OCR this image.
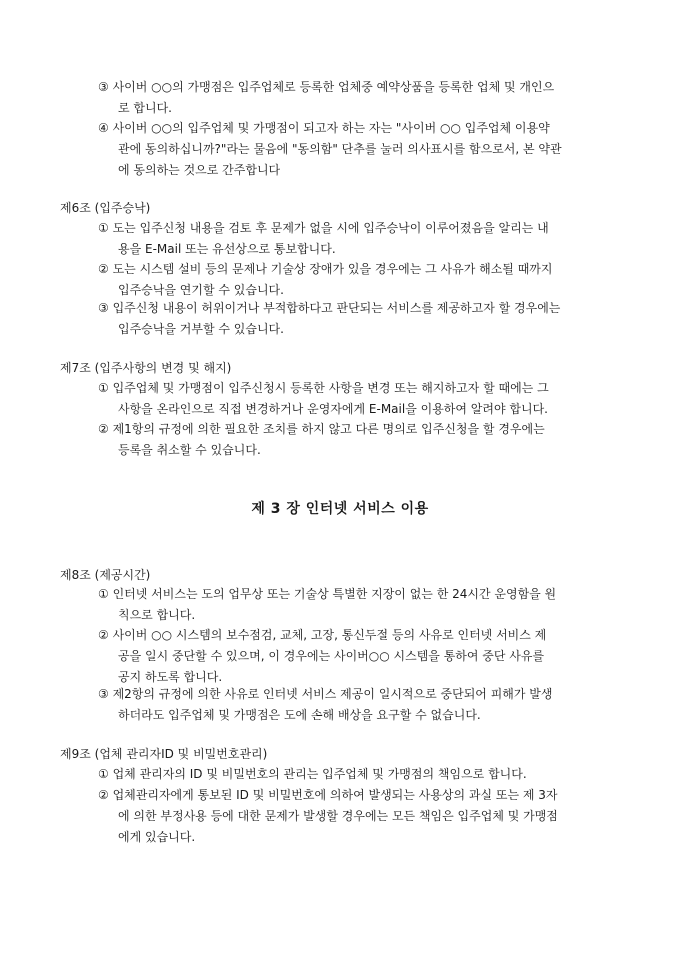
③ 사이버 ○○의 가맹점은 입주업체로 등록한 업체중 예약상품을 등록한 업체 및 개인으
로 합니다.
④ 사이버 ○○의 입주업체 및 가맹점이 되고자 하는 자는 "사이버 ○○ 입주업체 이용약
관에 동의하십니까?"라는 물음에 "동의함" 단추를 눌러 의사표시를 함으로서, 본 약관
에 동의하는 것으로 간주합니다
제6조 (입주승낙)
① 도는 입주신청 내용을 검토 후 문제가 없을 시에 입주승낙이 이루어졌음을 알리는 내
용을 E-Mail 또는 유선상으로 통보합니다.
② 도는 시스템 설비 등의 문제나 기술상 장애가 있을 경우에는 그 사유가 해소될 때까지
입주승낙을 연기할 수 있습니다.
③ 입주신청 내용이 허위이거나 부적합하다고 판단되는 서비스를 제공하고자 할 경우에는
입주승낙을 거부할 수 있습니다.
제7조 (입주사항의 변경 및 해지)
① 입주업체 및 가맹점이 입주신청시 등록한 사항을 변경 또는 해지하고자 할 때에는 그
사항을 온라인으로 직접 변경하거나 운영자에게 E-Mail을 이용하여 알려야 합니다.
② 제1항의 규정에 의한 필요한 조치를 하지 않고 다른 명의로 입주신청을 할 경우에는
등록을 취소할 수 있습니다.
제 3 장 인터넷 서비스 이용
제8조 (제공시간)
① 인터넷 서비스는 도의 업무상 또는 기술상 특별한 지장이 없는 한 24시간 운영함을 원
칙으로 합니다.
② 사이버 ○○ 시스템의 보수점검, 교체, 고장, 통신두절 등의 사유로 인터넷 서비스 제
공을 일시 중단할 수 있으며, 이 경우에는 사이버○○ 시스템을 통하여 중단 사유를
공지 하도록 합니다.
③ 제2항의 규정에 의한 사유로 인터넷 서비스 제공이 일시적으로 중단되어 피해가 발생
하더라도 입주업체 및 가맹점은 도에 손해 배상을 요구할 수 없습니다.
제9조 (업체 관리자ID 및 비밀번호관리)
① 업체 관리자의 ID 및 비밀번호의 관리는 입주업체 및 가맹점의 책임으로 합니다.
② 업체관리자에게 통보된 ID 및 비밀번호에 의하여 발생되는 사용상의 과실 또는 제 3자
에 의한 부정사용 등에 대한 문제가 발생할 경우에는 모든 책임은 입주업체 및 가맹점
에게 있습니다.
